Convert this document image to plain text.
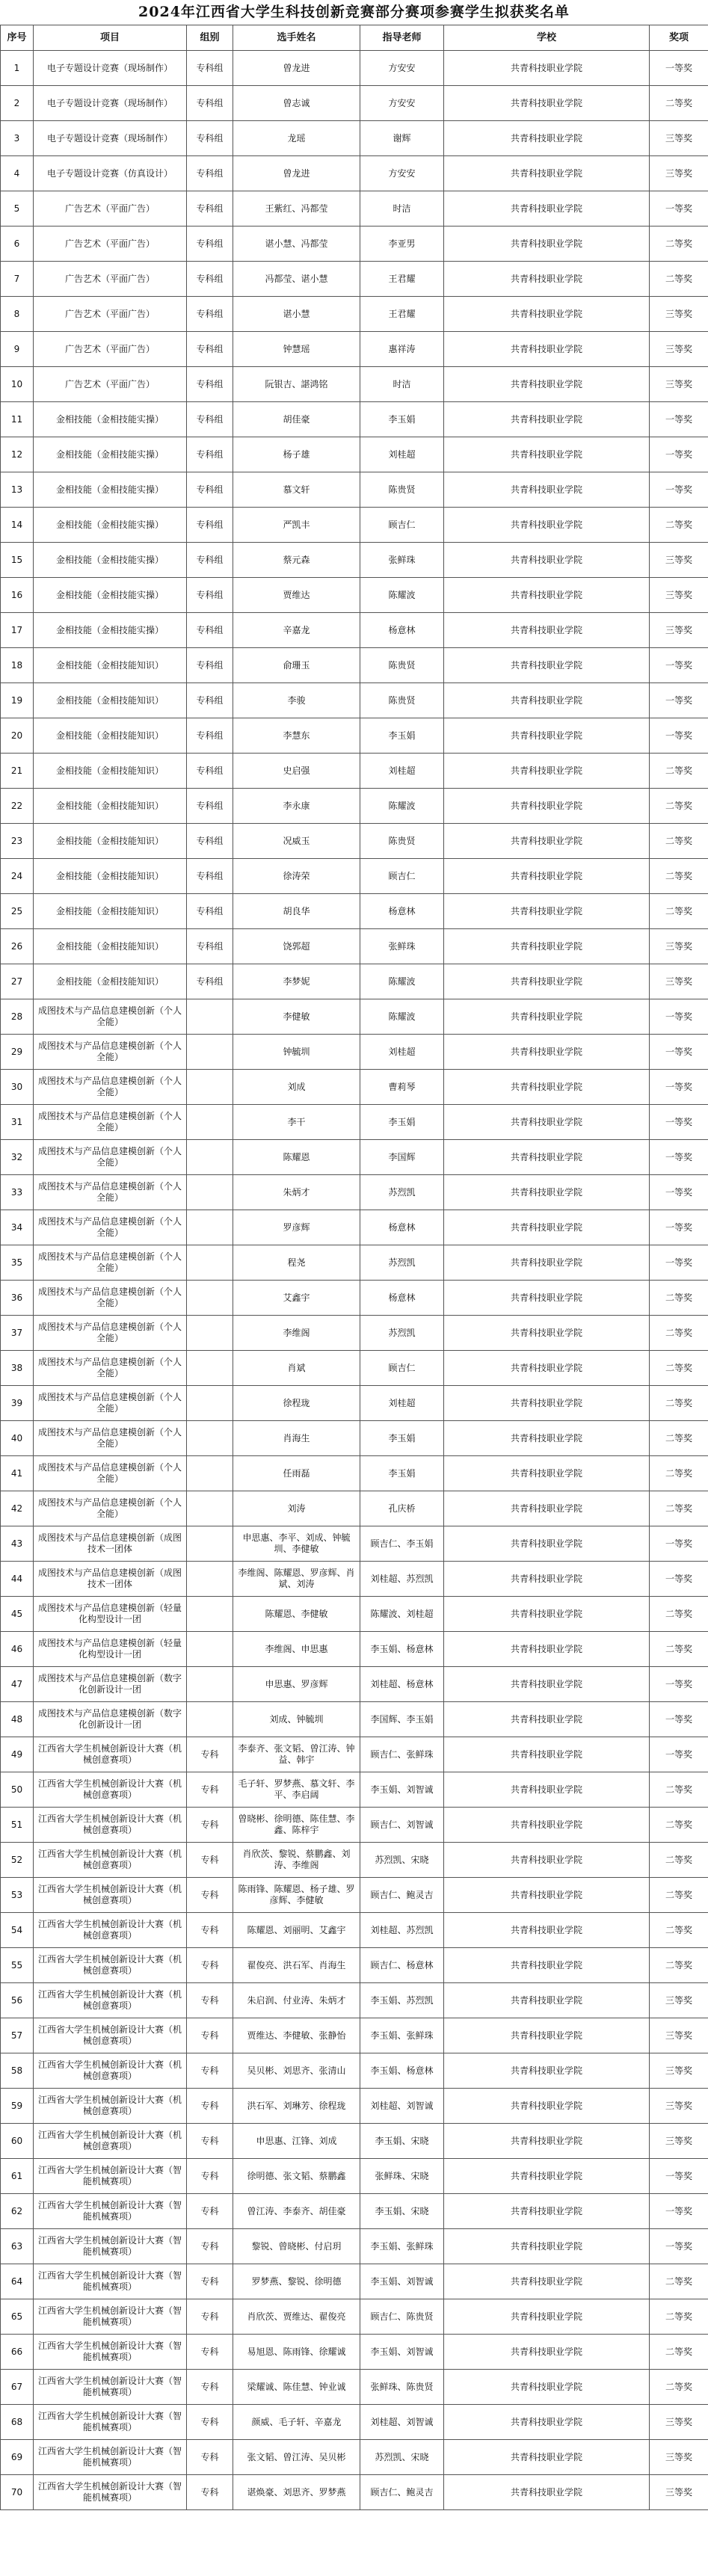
2024年江西省大学生科技创新竞赛部分赛项参赛学生拟获奖名单
序号	项目	组别	选手姓名	指导老师	学校	奖项
1	电子专题设计竞赛（现场制作）	专科组	曾龙进	方安安	共青科技职业学院	一等奖
2	电子专题设计竞赛（现场制作）	专科组	曾志诚	方安安	共青科技职业学院	二等奖
3	电子专题设计竞赛（现场制作）	专科组	龙瑶	谢辉	共青科技职业学院	三等奖
4	电子专题设计竞赛（仿真设计）	专科组	曾龙进	方安安	共青科技职业学院	三等奖
5	广告艺术（平面广告）	专科组	王紫红、冯都莹	时洁	共青科技职业学院	一等奖
6	广告艺术（平面广告）	专科组	谌小慧、冯都莹	李亚男	共青科技职业学院	二等奖
7	广告艺术（平面广告）	专科组	冯都莹、谌小慧	王君耀	共青科技职业学院	二等奖
8	广告艺术（平面广告）	专科组	谌小慧	王君耀	共青科技职业学院	三等奖
9	广告艺术（平面广告）	专科组	钟慧瑶	惠祥涛	共青科技职业学院	三等奖
10	广告艺术（平面广告）	专科组	阮银吉、諶鸿铭	时洁	共青科技职业学院	三等奖
11	金相技能（金相技能实操）	专科组	胡佳豪	李玉娟	共青科技职业学院	一等奖
12	金相技能（金相技能实操）	专科组	杨子雄	刘桂超	共青科技职业学院	一等奖
13	金相技能（金相技能实操）	专科组	慕文轩	陈贵贤	共青科技职业学院	一等奖
14	金相技能（金相技能实操）	专科组	严凯丰	顾吉仁	共青科技职业学院	二等奖
15	金相技能（金相技能实操）	专科组	蔡元森	张鲜珠	共青科技职业学院	三等奖
16	金相技能（金相技能实操）	专科组	贾维达	陈耀波	共青科技职业学院	三等奖
17	金相技能（金相技能实操）	专科组	辛嘉龙	杨意林	共青科技职业学院	三等奖
18	金相技能（金相技能知识）	专科组	俞珊玉	陈贵贤	共青科技职业学院	一等奖
19	金相技能（金相技能知识）	专科组	李骏	陈贵贤	共青科技职业学院	一等奖
20	金相技能（金相技能知识）	专科组	李慧东	李玉娟	共青科技职业学院	一等奖
21	金相技能（金相技能知识）	专科组	史启强	刘桂超	共青科技职业学院	二等奖
22	金相技能（金相技能知识）	专科组	李永康	陈耀波	共青科技职业学院	二等奖
23	金相技能（金相技能知识）	专科组	况威玉	陈贵贤	共青科技职业学院	二等奖
24	金相技能（金相技能知识）	专科组	徐涛荣	顾吉仁	共青科技职业学院	二等奖
25	金相技能（金相技能知识）	专科组	胡良华	杨意林	共青科技职业学院	二等奖
26	金相技能（金相技能知识）	专科组	饶郭超	张鲜珠	共青科技职业学院	三等奖
27	金相技能（金相技能知识）	专科组	李梦妮	陈耀波	共青科技职业学院	三等奖
28	成图技术与产品信息建模创新（个人全能）		李健敏	陈耀波	共青科技职业学院	一等奖
29	成图技术与产品信息建模创新（个人全能）		钟毓圳	刘桂超	共青科技职业学院	一等奖
30	成图技术与产品信息建模创新（个人全能）		刘成	曹莉琴	共青科技职业学院	一等奖
31	成图技术与产品信息建模创新（个人全能）		李干	李玉娟	共青科技职业学院	一等奖
32	成图技术与产品信息建模创新（个人全能）		陈耀恩	李国辉	共青科技职业学院	一等奖
33	成图技术与产品信息建模创新（个人全能）		朱炳才	苏烈凯	共青科技职业学院	一等奖
34	成图技术与产品信息建模创新（个人全能）		罗彦辉	杨意林	共青科技职业学院	一等奖
35	成图技术与产品信息建模创新（个人全能）		程尧	苏烈凯	共青科技职业学院	一等奖
36	成图技术与产品信息建模创新（个人全能）		艾鑫宇	杨意林	共青科技职业学院	二等奖
37	成图技术与产品信息建模创新（个人全能）		李维阁	苏烈凯	共青科技职业学院	二等奖
38	成图技术与产品信息建模创新（个人全能）		肖斌	顾吉仁	共青科技职业学院	二等奖
39	成图技术与产品信息建模创新（个人全能）		徐程珑	刘桂超	共青科技职业学院	二等奖
40	成图技术与产品信息建模创新（个人全能）		肖海生	李玉娟	共青科技职业学院	二等奖
41	成图技术与产品信息建模创新（个人全能）		任雨磊	李玉娟	共青科技职业学院	二等奖
42	成图技术与产品信息建模创新（个人全能）		刘涛	孔庆桥	共青科技职业学院	二等奖
43	成图技术与产品信息建模创新（成图技术一团体		申思惠、李平、刘成、钟毓圳、李健敏	顾吉仁、李玉娟	共青科技职业学院	一等奖
44	成图技术与产品信息建模创新（成图技术一团体		李维阁、陈耀恩、罗彦辉、肖斌、刘涛	刘桂超、苏烈凯	共青科技职业学院	一等奖
45	成图技术与产品信息建模创新（轻量化构型设计一团		陈耀恩、李健敏	陈耀波、刘桂超	共青科技职业学院	二等奖
46	成图技术与产品信息建模创新（轻量化构型设计一团		李维阁、申思惠	李玉娟、杨意林	共青科技职业学院	二等奖
47	成图技术与产品信息建模创新（数字化创新设计一团		申思惠、罗彦辉	刘桂超、杨意林	共青科技职业学院	一等奖
48	成图技术与产品信息建模创新（数字化创新设计一团		刘成、钟毓圳	李国辉、李玉娟	共青科技职业学院	一等奖
49	江西省大学生机械创新设计大赛（机械创意赛项）	专科	李泰齐、张文韬、曾江涛、钟益、韩宇	顾吉仁、张鲜珠	共青科技职业学院	一等奖
50	江西省大学生机械创新设计大赛（机械创意赛项）	专科	毛子轩、罗梦燕、慕文轩、李平、李启阔	李玉娟、刘智诚	共青科技职业学院	二等奖
51	江西省大学生机械创新设计大赛（机械创意赛项）	专科	曾晓彬、徐明德、陈佳慧、李鑫、陈梓宇	顾吉仁、刘智诚	共青科技职业学院	二等奖
52	江西省大学生机械创新设计大赛（机械创意赛项）	专科	肖欣茨、黎锐、蔡鹏鑫、刘涛、李维阁	苏烈凯、宋晓	共青科技职业学院	二等奖
53	江西省大学生机械创新设计大赛（机械创意赛项）	专科	陈雨锋、陈耀恩、杨子雄、罗彦辉、李健敏	顾吉仁、鲍灵吉	共青科技职业学院	二等奖
54	江西省大学生机械创新设计大赛（机械创意赛项）	专科	陈耀恩、刘丽明、艾鑫宇	刘桂超、苏烈凯	共青科技职业学院	二等奖
55	江西省大学生机械创新设计大赛（机械创意赛项）	专科	翟俊亮、洪石军、肖海生	顾吉仁、杨意林	共青科技职业学院	二等奖
56	江西省大学生机械创新设计大赛（机械创意赛项）	专科	朱启润、付业涛、朱炳才	李玉娟、苏烈凯	共青科技职业学院	三等奖
57	江西省大学生机械创新设计大赛（机械创意赛项）	专科	贾维达、李健敏、张静怡	李玉娟、张鲜珠	共青科技职业学院	三等奖
58	江西省大学生机械创新设计大赛（机械创意赛项）	专科	吴贝彬、刘思齐、张清山	李玉娟、杨意林	共青科技职业学院	三等奖
59	江西省大学生机械创新设计大赛（机械创意赛项）	专科	洪石军、刘琳芳、徐程珑	刘桂超、刘智诚	共青科技职业学院	三等奖
60	江西省大学生机械创新设计大赛（机械创意赛项）	专科	申思惠、江锋、刘成	李玉娟、宋晓	共青科技职业学院	三等奖
61	江西省大学生机械创新设计大赛（智能机械赛项）	专科	徐明德、张文韬、蔡鹏鑫	张鲜珠、宋晓	共青科技职业学院	一等奖
62	江西省大学生机械创新设计大赛（智能机械赛项）	专科	曾江涛、李泰齐、胡佳豪	李玉娟、宋晓	共青科技职业学院	一等奖
63	江西省大学生机械创新设计大赛（智能机械赛项）	专科	黎锐、曾晓彬、付启玥	李玉娟、张鲜珠	共青科技职业学院	一等奖
64	江西省大学生机械创新设计大赛（智能机械赛项）	专科	罗梦燕、黎锐、徐明德	李玉娟、刘智诚	共青科技职业学院	二等奖
65	江西省大学生机械创新设计大赛（智能机械赛项）	专科	肖欣茨、贾维达、翟俊亮	顾吉仁、陈贵贤	共青科技职业学院	二等奖
66	江西省大学生机械创新设计大赛（智能机械赛项）	专科	易旭恩、陈雨锋、徐耀诚	李玉娟、刘智诚	共青科技职业学院	二等奖
67	江西省大学生机械创新设计大赛（智能机械赛项）	专科	梁耀诚、陈佳慧、钟业诚	张鲜珠、陈贵贤	共青科技职业学院	二等奖
68	江西省大学生机械创新设计大赛（智能机械赛项）	专科	颜威、毛子轩、辛嘉龙	刘桂超、刘智诚	共青科技职业学院	三等奖
69	江西省大学生机械创新设计大赛（智能机械赛项）	专科	张文韬、曾江涛、吴贝彬	苏烈凯、宋晓	共青科技职业学院	三等奖
70	江西省大学生机械创新设计大赛（智能机械赛项）	专科	谌焕豪、刘思齐、罗梦燕	顾吉仁、鲍灵吉	共青科技职业学院	三等奖
